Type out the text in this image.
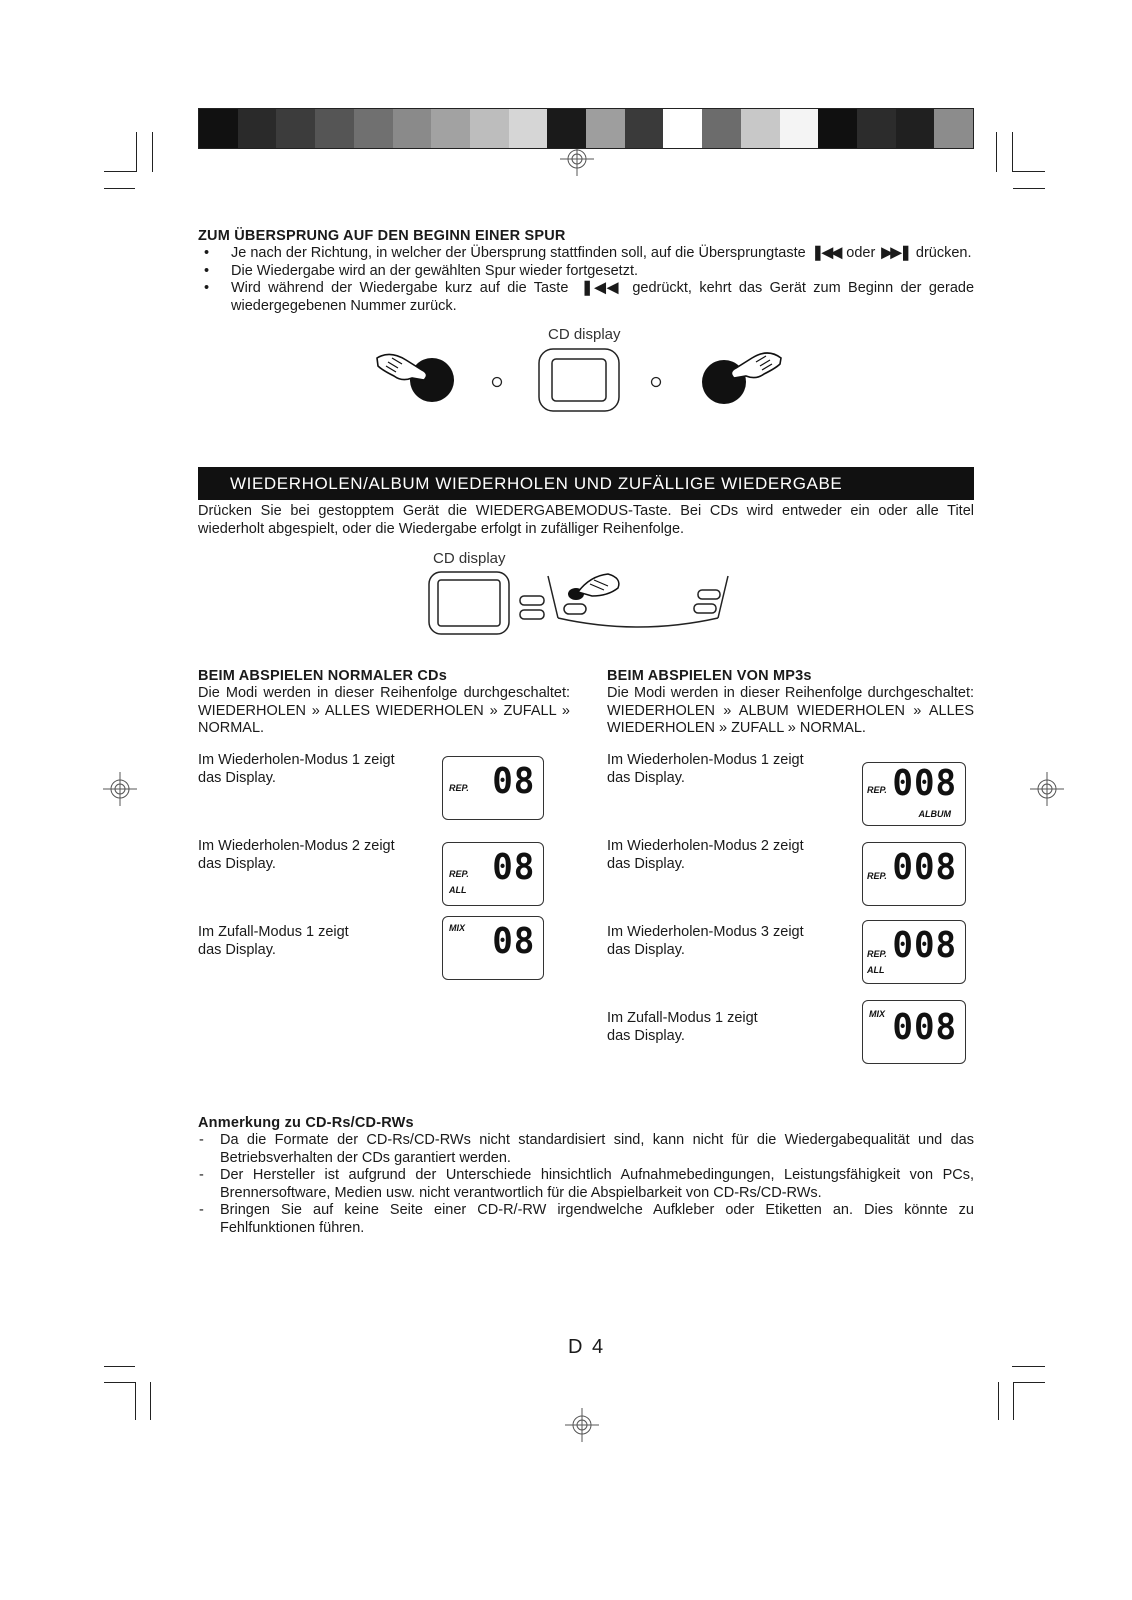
ZUM ÜBERSPRUNG AUF DEN BEGINN EINER SPUR
• Je nach der Richtung, in welcher der Übersprung stattfinden soll, auf die Übersprungtaste  ❚◀◀  oder  ▶▶❚  drücken.
• Die Wiedergabe wird an der gewählten Spur wieder fortgesetzt.
• Wird während der Wiedergabe kurz auf die Taste  ❚◀◀  gedrückt, kehrt das Gerät zum Beginn der gerade wiedergegebenen Nummer zurück.
CD display
WIEDERHOLEN/ALBUM WIEDERHOLEN UND ZUFÄLLIGE WIEDERGABE
Drücken Sie bei gestopptem Gerät die WIEDERGABEMODUS-Taste. Bei CDs wird entweder ein oder alle Titel wiederholt abgespielt, oder die Wiedergabe erfolgt in zufälliger Reihenfolge.
CD display
BEIM ABSPIELEN NORMALER CDs
Die Modi werden in dieser Reihenfolge durchgeschaltet: WIEDERHOLEN » ALLES WIEDERHOLEN » ZUFALL » NORMAL.
Im Wiederholen-Modus 1 zeigt
das Display.
REP. 08
Im Wiederholen-Modus 2 zeigt
das Display.
REP.
ALL
08
Im Zufall-Modus 1 zeigt
das Display.
MIX 08
BEIM ABSPIELEN VON MP3s
Die Modi werden in dieser Reihenfolge durchgeschaltet: WIEDERHOLEN » ALBUM WIEDERHOLEN » ALLES WIEDERHOLEN » ZUFALL » NORMAL.
Im Wiederholen-Modus 1 zeigt
das Display.
REP. 008
ALBUM
Im Wiederholen-Modus 2 zeigt
das Display.
REP. 008
Im Wiederholen-Modus 3 zeigt
das Display.	REP.
ALL
008
Im Zufall-Modus 1 zeigt
das Display.
MIX 008
Anmerkung zu CD-Rs/CD-RWs
- Da die Formate der CD-Rs/CD-RWs nicht standardisiert sind, kann nicht für die Wiedergabequalität und das Betriebsverhalten der CDs garantiert werden.
- Der Hersteller ist aufgrund der Unterschiede hinsichtlich Aufnahmebedingungen, Leistungsfähigkeit von PCs, Brennersoftware, Medien usw. nicht verantwortlich für die Abspielbarkeit von CD-Rs/CD-RWs.
- Bringen Sie auf keine Seite einer CD-R/-RW irgendwelche Aufkleber oder Etiketten an. Dies könnte zu Fehlfunktionen führen.
D 4
